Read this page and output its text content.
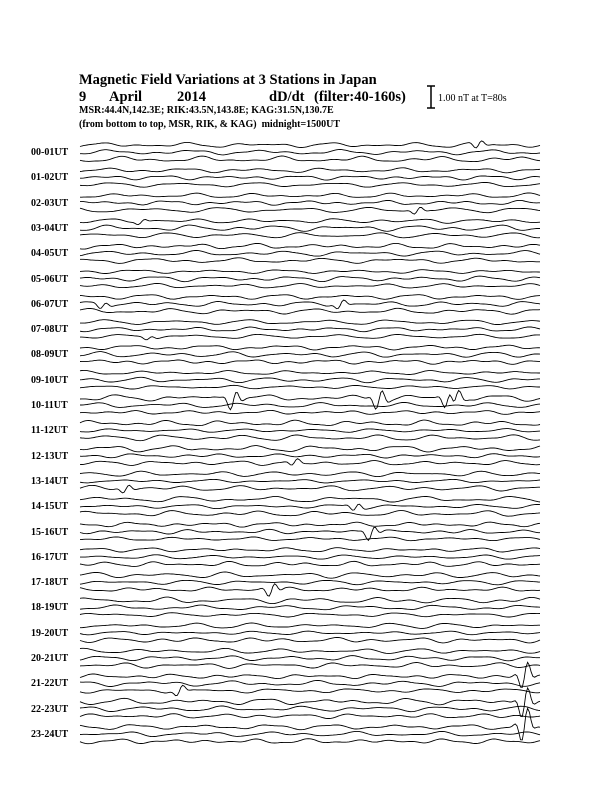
Magnetic Field Variations at 3 Stations in Japan
9 April 2014	dD/dt (filter:40-160s)
MSR:44.4N,142.3E; RIK:43.5N,143.8E; KAG:31.5N,130.7E
(from bottom to top, MSR, RIK, & KAG) midnight=1500UT
1.00 nT at T=80s
00-01UT
01-02UT
02-03UT
03-04UT
04-05UT
05-06UT
06-07UT
07-08UT
08-09UT
09-10UT
10-11UT
11-12UT
12-13UT
13-14UT
14-15UT
15-16UT
16-17UT
17-18UT
18-19UT
19-20UT
20-21UT
21-22UT
22-23UT
23-24UT
